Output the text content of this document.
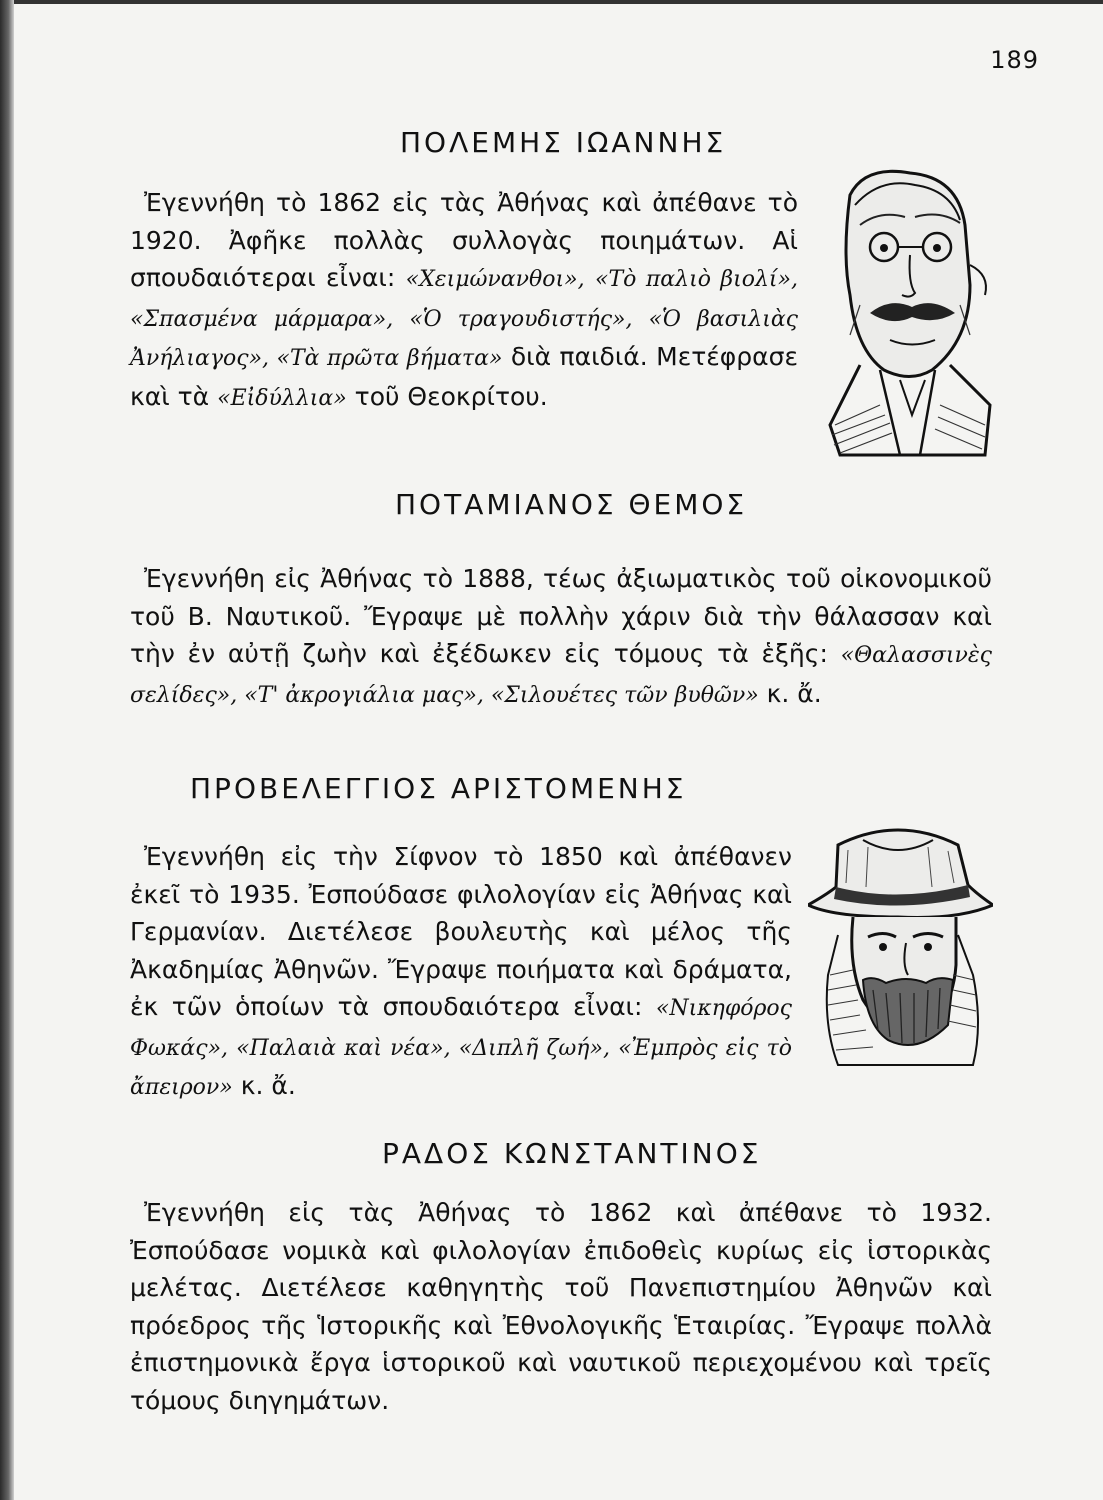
189
ΠΟΛΕΜΗΣ ΙΩΑΝΝΗΣ

Ἐγεννήθη τὸ 1862 εἰς τὰς Ἀθήνας καὶ ἀπέθανε τὸ 1920. Ἀφῆκε πολλὰς συλλογὰς ποιημάτων. Αἱ σπουδαιότεραι εἶναι: «Χειμώνανθοι», «Τὸ παλιὸ βιολί», «Σπασμένα μάρμαρα», «Ὁ τραγουδιστής», «Ὁ βασιλιὰς Ἀνήλιαγος», «Τὰ πρῶτα βήματα» διὰ παιδιά. Μετέφρασε καὶ τὰ «Εἰδύλλια» τοῦ Θεοκρίτου.

ΠΟΤΑΜΙΑΝΟΣ ΘΕΜΟΣ

Ἐγεννήθη εἰς Ἀθήνας τὸ 1888, τέως ἀξιωματικὸς τοῦ οἰκονομικοῦ τοῦ Β. Ναυτικοῦ. Ἔγραψε μὲ πολλὴν χάριν διὰ τὴν θάλασσαν καὶ τὴν ἐν αὐτῇ ζωὴν καὶ ἐξέδωκεν εἰς τόμους τὰ ἑξῆς: «Θαλασσινὲς σελίδες», «Τ' ἀκρογιάλια μας», «Σιλουέτες τῶν βυθῶν» κ. ἄ.

ΠΡΟΒΕΛΕΓΓΙΟΣ ΑΡΙΣΤΟΜΕΝΗΣ

Ἐγεννήθη εἰς τὴν Σίφνον τὸ 1850 καὶ ἀπέθανεν ἐκεῖ τὸ 1935. Ἐσπούδασε φιλολογίαν εἰς Ἀθήνας καὶ Γερμανίαν. Διετέλεσε βουλευτὴς καὶ μέλος τῆς Ἀκαδημίας Ἀθηνῶν. Ἔγραψε ποιήματα καὶ δράματα, ἐκ τῶν ὁποίων τὰ σπουδαιότερα εἶναι: «Νικηφόρος Φωκάς», «Παλαιὰ καὶ νέα», «Διπλῆ ζωή», «Ἐμπρὸς εἰς τὸ ἄπειρον» κ. ἄ.

ΡΑΔΟΣ ΚΩΝΣΤΑΝΤΙΝΟΣ

Ἐγεννήθη εἰς τὰς Ἀθήνας τὸ 1862 καὶ ἀπέθανε τὸ 1932. Ἐσπούδασε νομικὰ καὶ φιλολογίαν ἐπιδοθεὶς κυρίως εἰς ἱστορικὰς μελέτας. Διετέλεσε καθηγητὴς τοῦ Πανεπιστημίου Ἀθηνῶν καὶ πρόεδρος τῆς Ἱστορικῆς καὶ Ἐθνολογικῆς Ἑταιρίας. Ἔγραψε πολλὰ ἐπιστημονικὰ ἔργα ἱστορικοῦ καὶ ναυτικοῦ περιεχομένου καὶ τρεῖς τόμους διηγημάτων.
